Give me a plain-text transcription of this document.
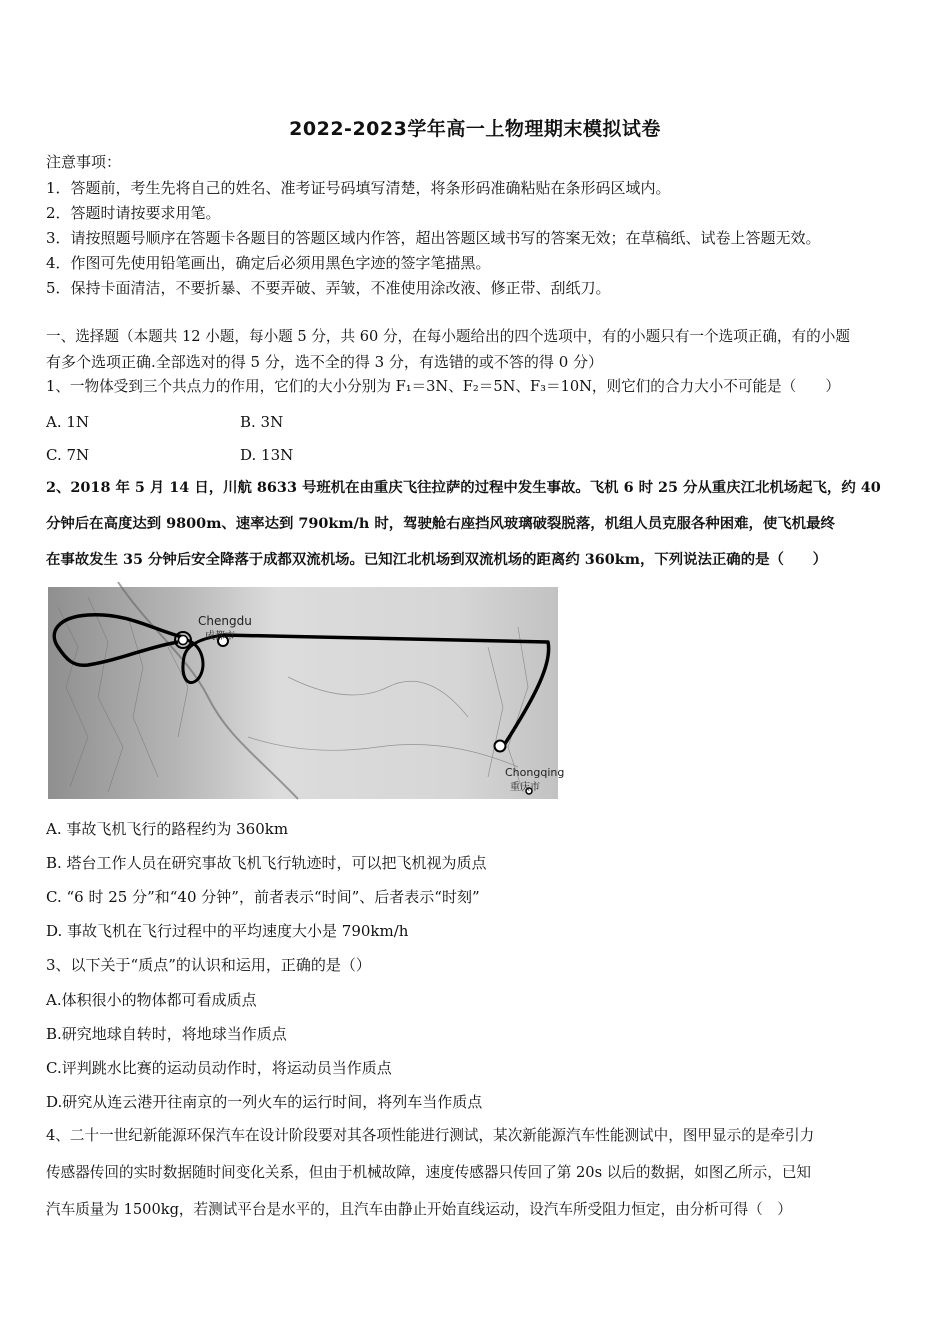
2022-2023学年高一上物理期末模拟试卷
注意事项：
1．答题前，考生先将自己的姓名、准考证号码填写清楚，将条形码准确粘贴在条形码区域内。
2．答题时请按要求用笔。
3．请按照题号顺序在答题卡各题目的答题区域内作答，超出答题区域书写的答案无效；在草稿纸、试卷上答题无效。
4．作图可先使用铅笔画出，确定后必须用黑色字迹的签字笔描黑。
5．保持卡面清洁，不要折暴、不要弄破、弄皱，不准使用涂改液、修正带、刮纸刀。
一、选择题（本题共 12 小题，每小题 5 分，共 60 分，在每小题给出的四个选项中，有的小题只有一个选项正确，有的小题
有多个选项正确.全部选对的得 5 分，选不全的得 3 分，有选错的或不答的得 0 分）
1、一物体受到三个共点力的作用，它们的大小分别为 F₁＝3N、F₂＝5N、F₃＝10N，则它们的合力大小不可能是（　　）
A. 1N	B. 3N
C. 7N	D. 13N
2、2018 年 5 月 14 日，川航 8633 号班机在由重庆飞往拉萨的过程中发生事故。飞机 6 时 25 分从重庆江北机场起飞，约 40
分钟后在高度达到 9800m、速率达到 790km/h 时，驾驶舱右座挡风玻璃破裂脱落，机组人员克服各种困难，使飞机最终
在事故发生 35 分钟后安全降落于成都双流机场。已知江北机场到双流机场的距离约 360km，下列说法正确的是（　　）
Chengdu
成都市
Chongqing
重庆市
A. 事故飞机飞行的路程约为 360km
B. 塔台工作人员在研究事故飞机飞行轨迹时，可以把飞机视为质点
C. “6 时 25 分”和“40 分钟”，前者表示“时间”、后者表示“时刻”
D. 事故飞机在飞行过程中的平均速度大小是 790km/h
3、以下关于“质点”的认识和运用，正确的是（）
A.体积很小的物体都可看成质点
B.研究地球自转时，将地球当作质点
C.评判跳水比赛的运动员动作时，将运动员当作质点
D.研究从连云港开往南京的一列火车的运行时间，将列车当作质点
4、二十一世纪新能源环保汽车在设计阶段要对其各项性能进行测试，某次新能源汽车性能测试中，图甲显示的是牵引力
传感器传回的实时数据随时间变化关系，但由于机械故障，速度传感器只传回了第 20s 以后的数据，如图乙所示，已知
汽车质量为 1500kg，若测试平台是水平的，且汽车由静止开始直线运动，设汽车所受阻力恒定，由分析可得（　）
